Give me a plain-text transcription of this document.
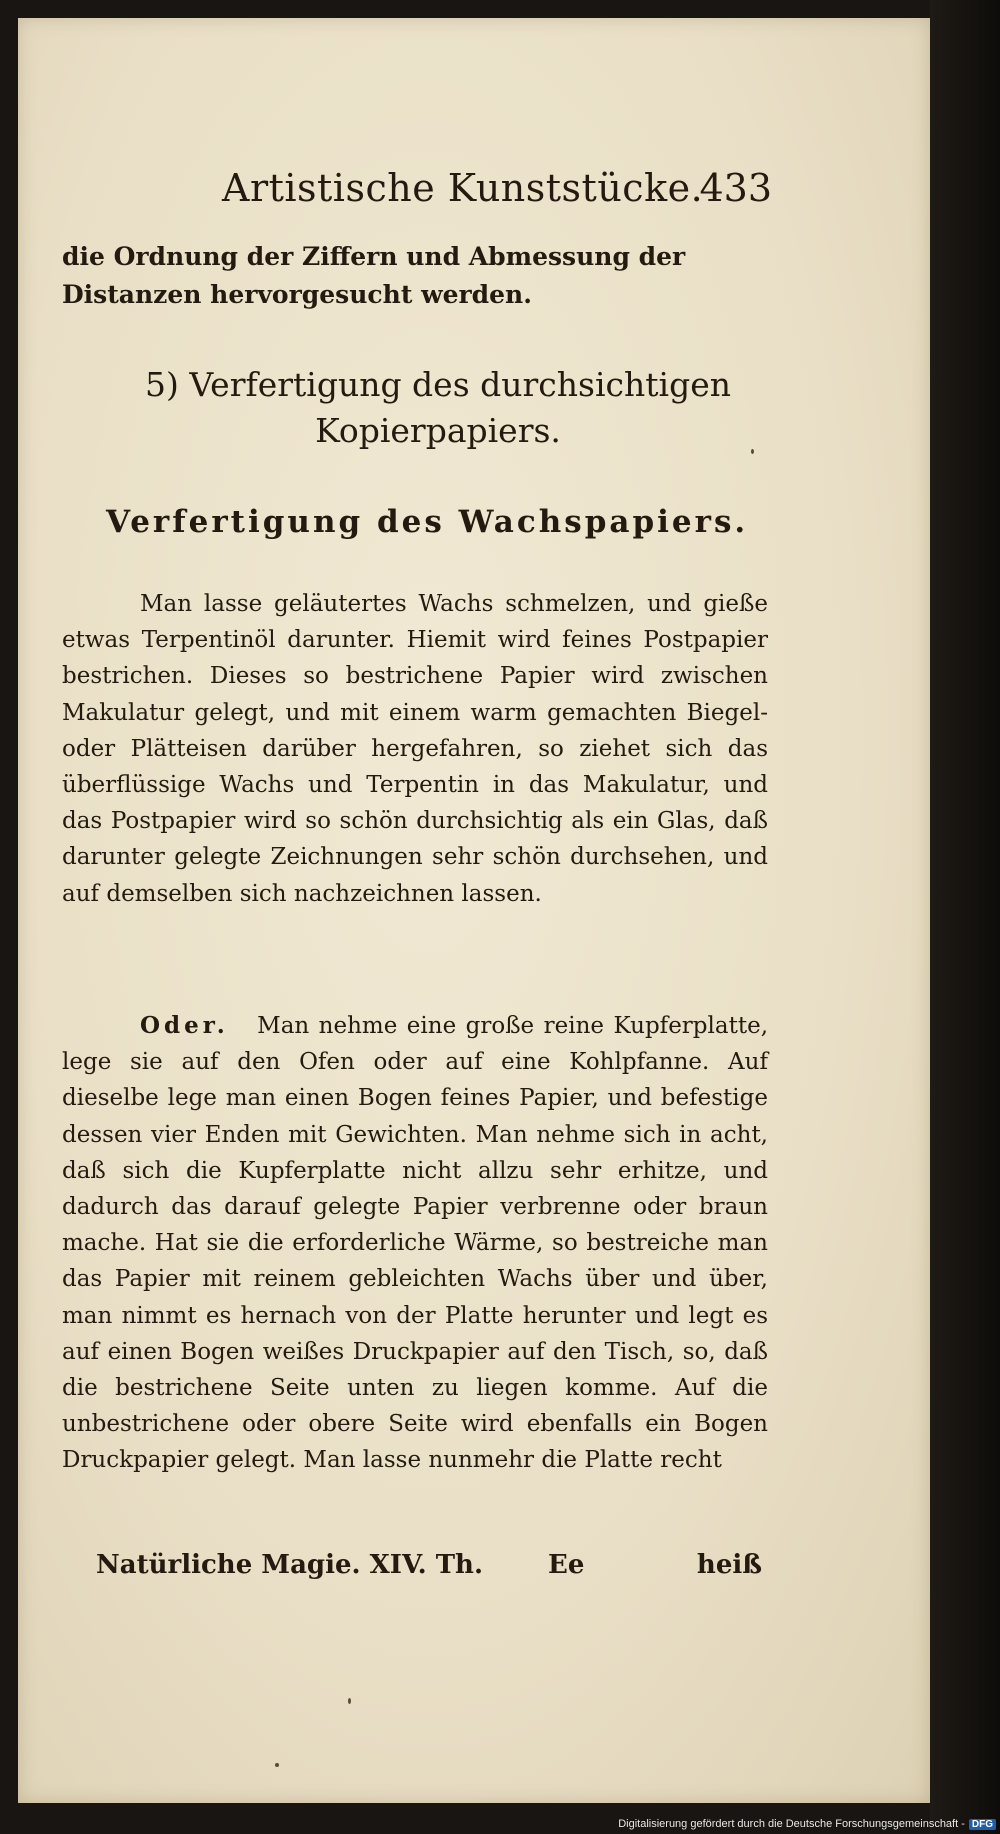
Artistische Kunststücke.
433
die Ordnung der Ziffern und Abmessung der Distanzen hervorgesucht werden.
5) Verfertigung des durchsichtigen Kopierpapiers.
Verfertigung des Wachspapiers.
Man lasse geläutertes Wachs schmelzen, und gieße etwas Terpentinöl darunter. Hiemit wird feines Postpapier bestrichen. Dieses so bestrichene Papier wird zwischen Makulatur gelegt, und mit einem warm gemachten Biegel- oder Plätteisen darüber hergefahren, so ziehet sich das überflüssige Wachs und Terpentin in das Makulatur, und das Postpapier wird so schön durchsichtig als ein Glas, daß darunter gelegte Zeichnungen sehr schön durchsehen, und auf demselben sich nachzeichnen lassen.
Oder. Man nehme eine große reine Kupferplatte, lege sie auf den Ofen oder auf eine Kohlpfanne. Auf dieselbe lege man einen Bogen feines Papier, und befestige dessen vier Enden mit Gewichten. Man nehme sich in acht, daß sich die Kupferplatte nicht allzu sehr erhitze, und dadurch das darauf gelegte Papier verbrenne oder braun mache. Hat sie die erforderliche Wärme, so bestreiche man das Papier mit reinem gebleichten Wachs über und über, man nimmt es hernach von der Platte herunter und legt es auf einen Bogen weißes Druckpapier auf den Tisch, so, daß die bestrichene Seite unten zu liegen komme. Auf die unbestrichene oder obere Seite wird ebenfalls ein Bogen Druckpapier gelegt. Man lasse nunmehr die Platte recht
Natürliche Magie. XIV. Th. Ee	heiß
Digitalisierung gefördert durch die Deutsche Forschungsgemeinschaft - DFG
